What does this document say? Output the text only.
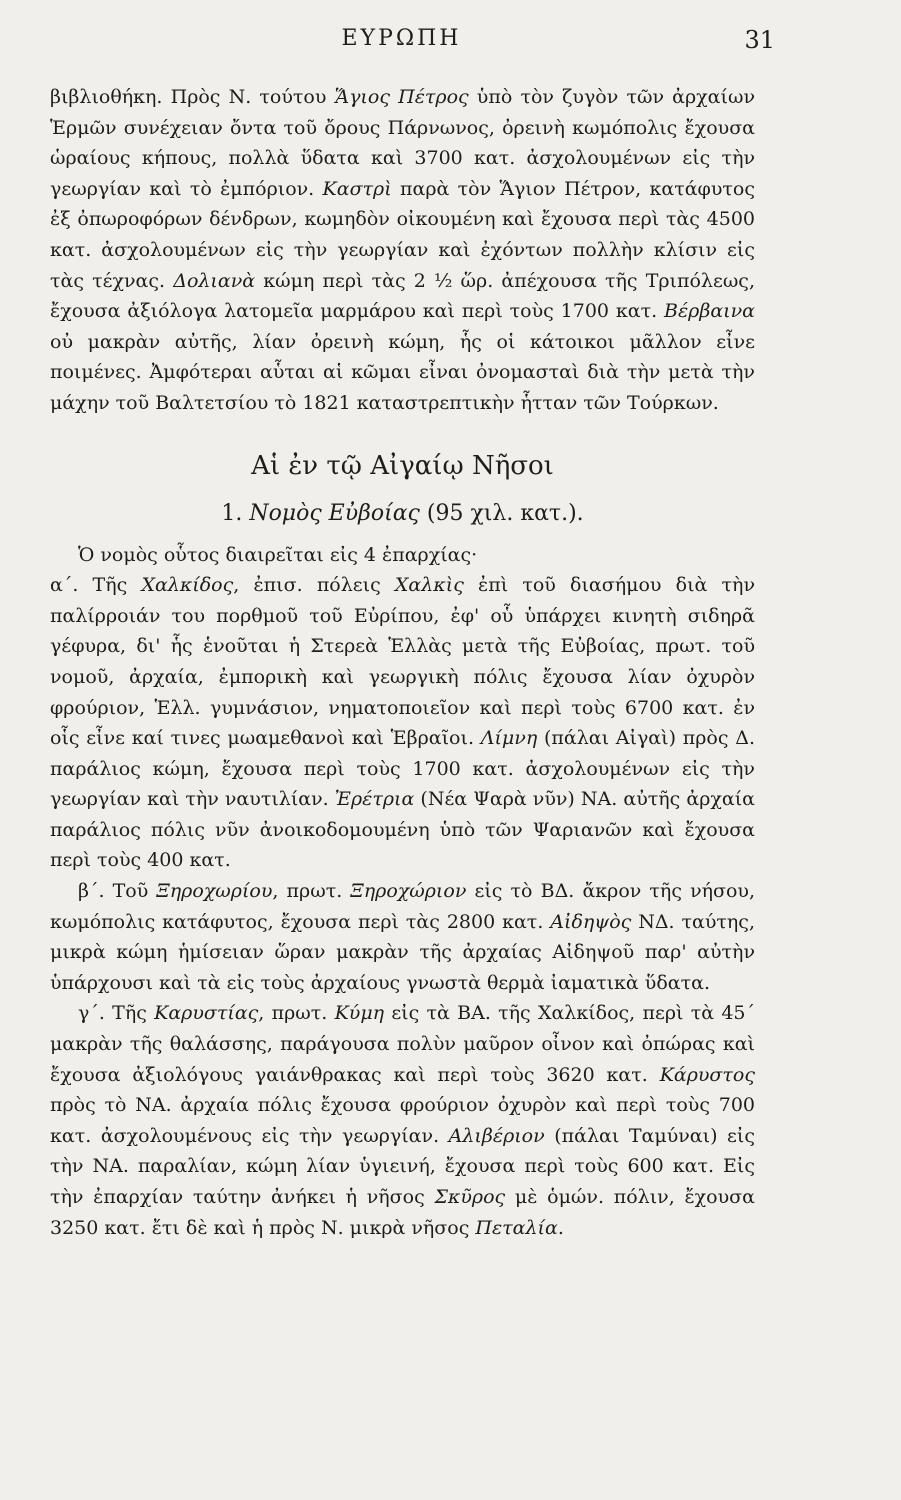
ΕΥΡΩΠΗ	31

βιβλιοθήκη. Πρὸς Ν. τούτου Ἅγιος Πέτρος ὑπὸ τὸν ζυγὸν τῶν ἀρχαίων Ἑρμῶν συνέχειαν ὄντα τοῦ ὄρους Πάρνωνος, ὀρεινὴ κωμόπολις ἔχουσα ὡραίους κήπους, πολλὰ ὕδατα καὶ 3700 κατ. ἀσχολουμένων εἰς τὴν γεωργίαν καὶ τὸ ἐμπόριον. Καστρὶ παρὰ τὸν Ἅγιον Πέτρον, κατάφυτος ἐξ ὀπωροφόρων δένδρων, κωμηδὸν οἰκουμένη καὶ ἔχουσα περὶ τὰς 4500 κατ. ἀσχολουμένων εἰς τὴν γεωργίαν καὶ ἐχόντων πολλὴν κλίσιν εἰς τὰς τέχνας. Δολιανὰ κώμη περὶ τὰς 2 ½ ὥρ. ἀπέχουσα τῆς Τριπόλεως, ἔχουσα ἀξιόλογα λατομεῖα μαρμάρου καὶ περὶ τοὺς 1700 κατ. Βέρβαινα οὐ μακρὰν αὐτῆς, λίαν ὀρεινὴ κώμη, ἧς οἱ κάτοικοι μᾶλλον εἶνε ποιμένες. Ἀμφότεραι αὗται αἱ κῶμαι εἶναι ὀνομασταὶ διὰ τὴν μετὰ τὴν μάχην τοῦ Βαλτετσίου τὸ 1821 καταστρεπτικὴν ἧτταν τῶν Τούρκων.

Αἱ ἐν τῷ Αἰγαίῳ Νῆσοι
1. Νομὸς Εὐβοίας (95 χιλ. κατ.).

Ὁ νομὸς οὗτος διαιρεῖται εἰς 4 ἐπαρχίας·

α΄. Τῆς Χαλκίδος, ἐπισ. πόλεις Χαλκὶς ἐπὶ τοῦ διασήμου διὰ τὴν παλίρροιάν του πορθμοῦ τοῦ Εὐρίπου, ἐφ' οὗ ὑπάρχει κινητὴ σιδηρᾶ γέφυρα, δι' ἧς ἑνοῦται ἡ Στερεὰ Ἑλλὰς μετὰ τῆς Εὐβοίας, πρωτ. τοῦ νομοῦ, ἀρχαία, ἐμπορικὴ καὶ γεωργικὴ πόλις ἔχουσα λίαν ὀχυρὸν φρούριον, Ἑλλ. γυμνάσιον, νηματοποιεῖον καὶ περὶ τοὺς 6700 κατ. ἐν οἷς εἶνε καί τινες μωαμεθανοὶ καὶ Ἑβραῖοι. Λίμνη (πάλαι Αἰγαὶ) πρὸς Δ. παράλιος κώμη, ἔχουσα περὶ τοὺς 1700 κατ. ἀσχολουμένων εἰς τὴν γεωργίαν καὶ τὴν ναυτιλίαν. Ἐρέτρια (Νέα Ψαρὰ νῦν) ΝΑ. αὐτῆς ἀρχαία παράλιος πόλις νῦν ἀνοικοδομουμένη ὑπὸ τῶν Ψαριανῶν καὶ ἔχουσα περὶ τοὺς 400 κατ.

β΄. Τοῦ Ξηροχωρίου, πρωτ. Ξηροχώριον εἰς τὸ ΒΔ. ἄκρον τῆς νήσου, κωμόπολις κατάφυτος, ἔχουσα περὶ τὰς 2800 κατ. Αἰδηψὸς ΝΔ. ταύτης, μικρὰ κώμη ἡμίσειαν ὥραν μακρὰν τῆς ἀρχαίας Αἰδηψοῦ παρ' αὐτὴν ὑπάρχουσι καὶ τὰ εἰς τοὺς ἀρχαίους γνωστὰ θερμὰ ἰαματικὰ ὕδατα.

γ΄. Τῆς Καρυστίας, πρωτ. Κύμη εἰς τὰ ΒΑ. τῆς Χαλκίδος, περὶ τὰ 45΄ μακρὰν τῆς θαλάσσης, παράγουσα πολὺν μαῦρον οἶνον καὶ ὀπώρας καὶ ἔχουσα ἀξιολόγους γαιάνθρακας καὶ περὶ τοὺς 3620 κατ. Κάρυστος πρὸς τὸ ΝΑ. ἀρχαία πόλις ἔχουσα φρούριον ὀχυρὸν καὶ περὶ τοὺς 700 κατ. ἀσχολουμένους εἰς τὴν γεωργίαν. Αλιβέριον (πάλαι Ταμύναι) εἰς τὴν ΝΑ. παραλίαν, κώμη λίαν ὑγιεινή, ἔχουσα περὶ τοὺς 600 κατ. Εἰς τὴν ἐπαρχίαν ταύτην ἀνήκει ἡ νῆσος Σκῦρος μὲ ὁμών. πόλιν, ἔχουσα 3250 κατ. ἔτι δὲ καὶ ἡ πρὸς Ν. μικρὰ νῆσος Πεταλία.
